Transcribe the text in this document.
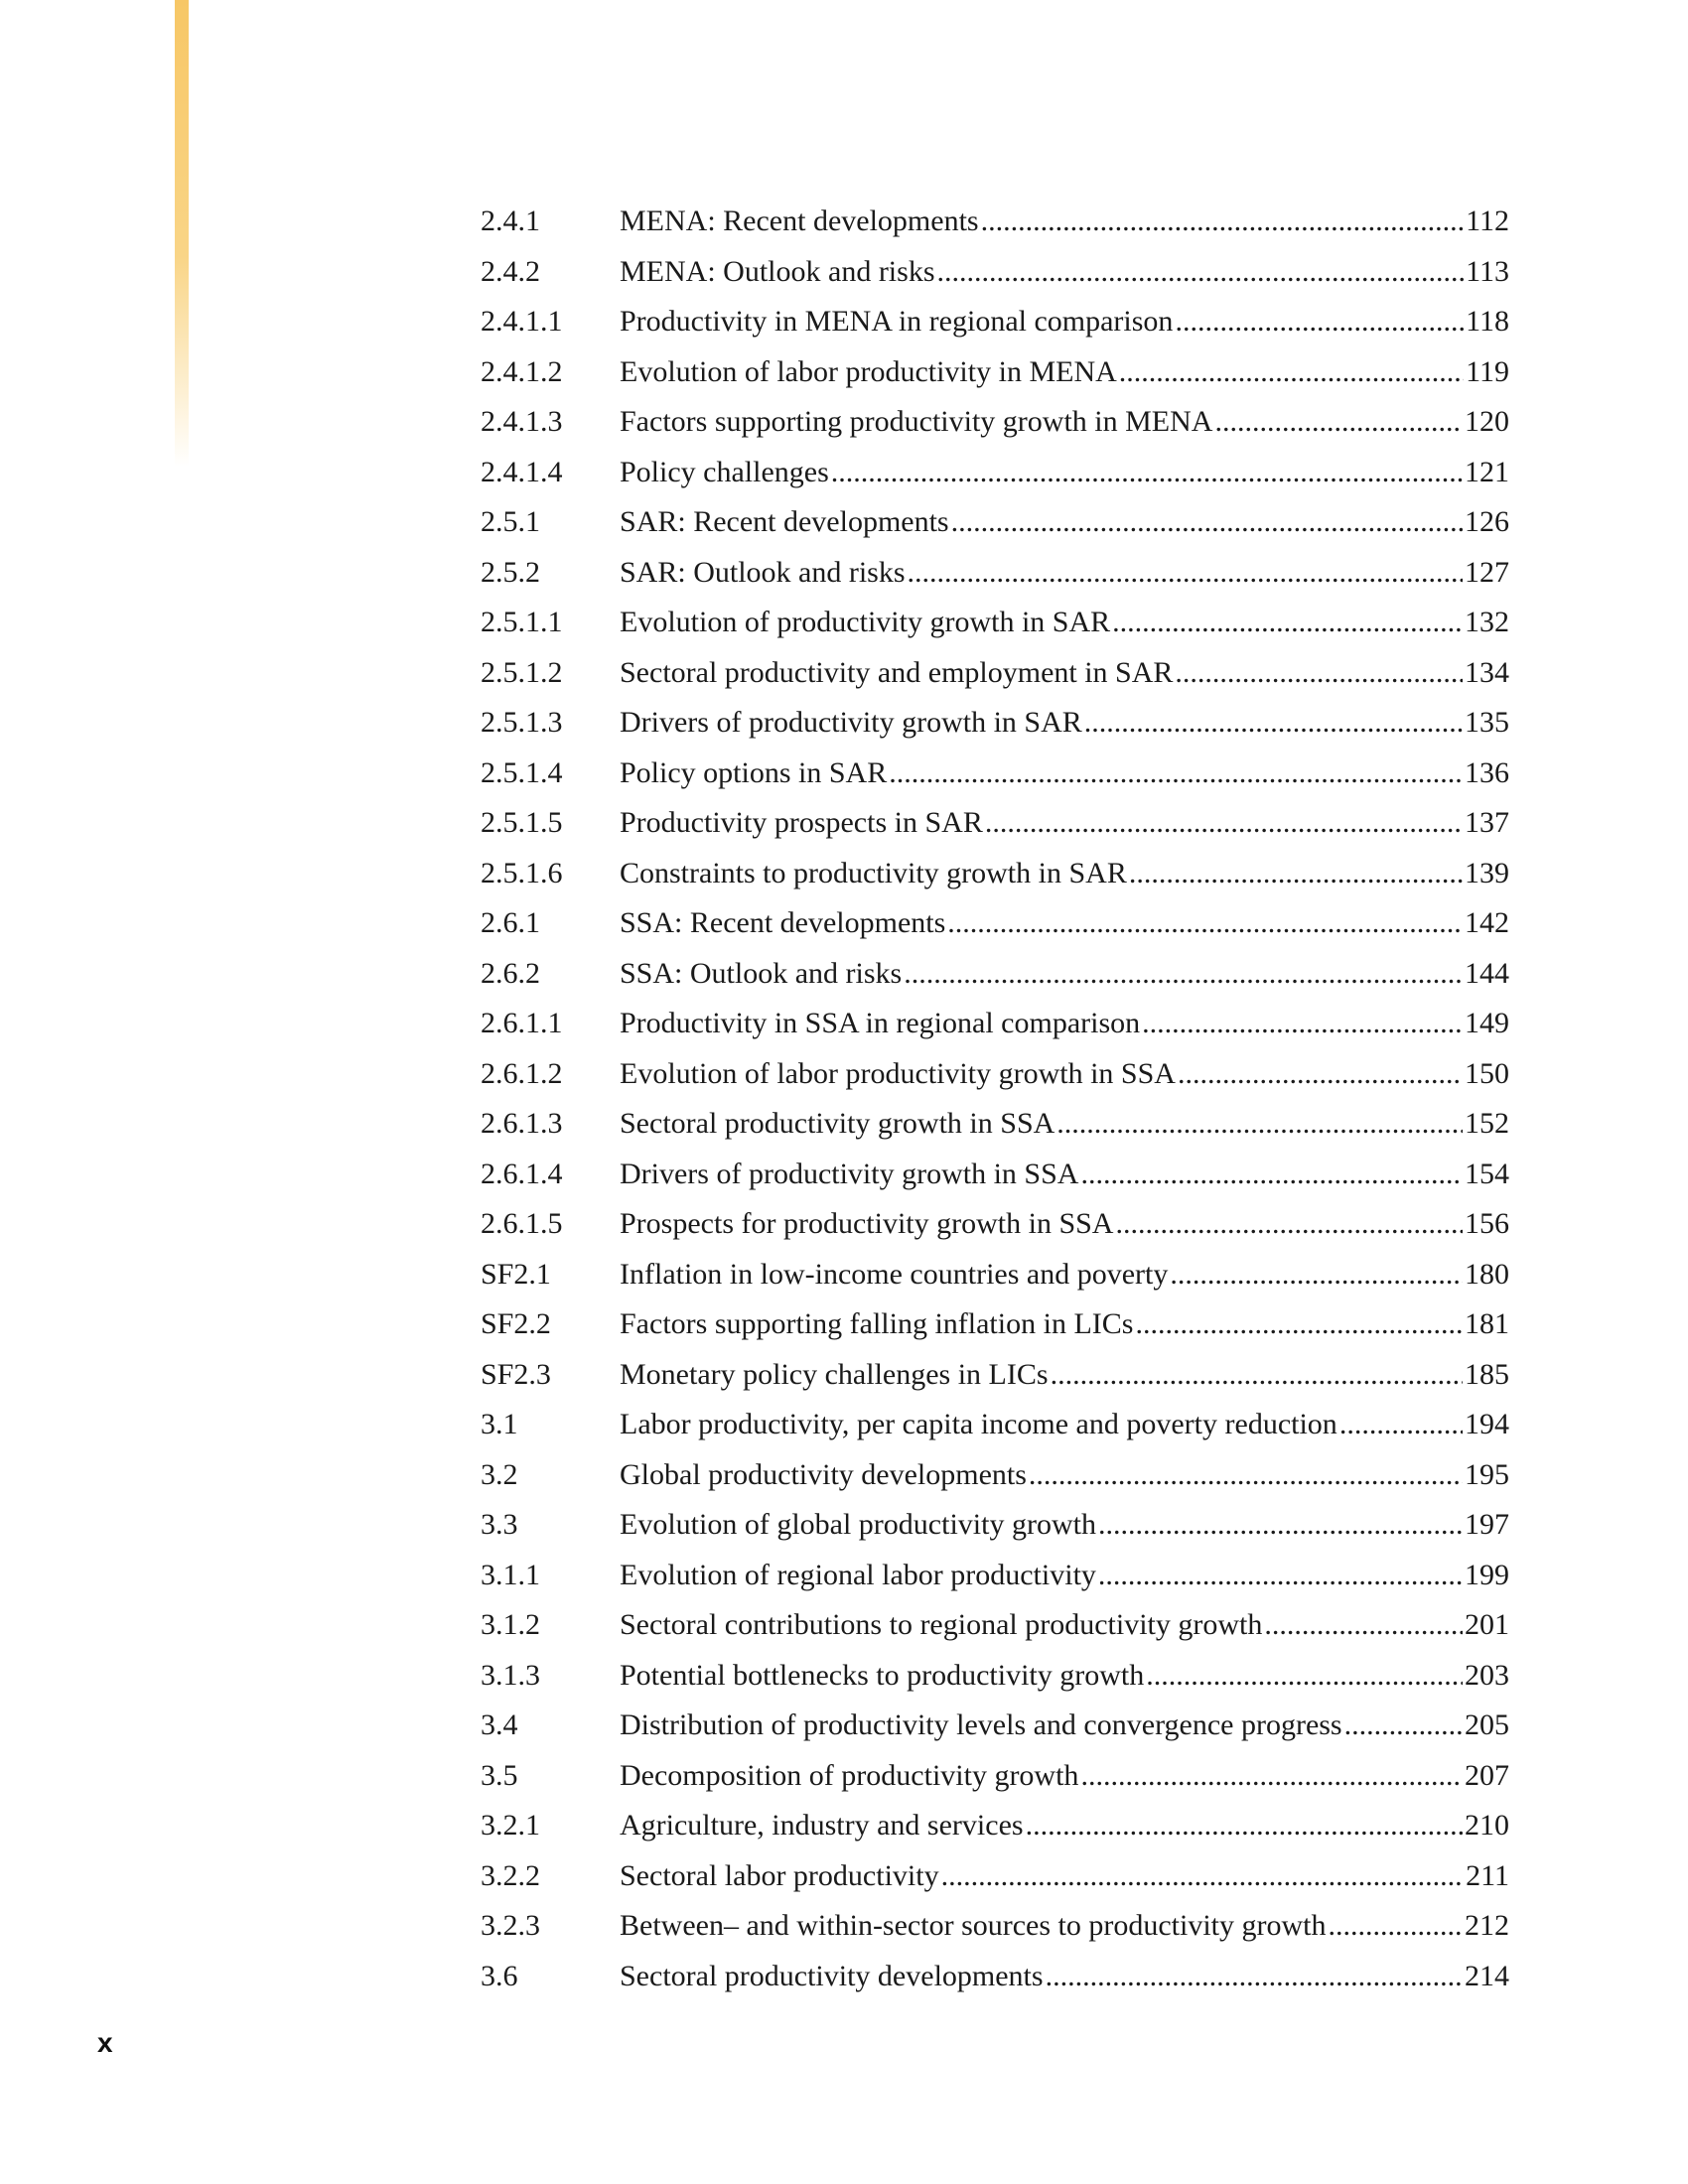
2.4.1	MENA: Recent developments .....	112
2.4.2	MENA: Outlook and risks .....	113
2.4.1.1	Productivity in MENA in regional comparison .....	118
2.4.1.2	Evolution of labor productivity in MENA .....	119
2.4.1.3	Factors supporting productivity growth in MENA .....	120
2.4.1.4	Policy challenges .....	121
2.5.1	SAR: Recent developments .....	126
2.5.2	SAR: Outlook and risks .....	127
2.5.1.1	Evolution of productivity growth in SAR .....	132
2.5.1.2	Sectoral productivity and employment in SAR .....	134
2.5.1.3	Drivers of productivity growth in SAR .....	135
2.5.1.4	Policy options in SAR .....	136
2.5.1.5	Productivity prospects in SAR .....	137
2.5.1.6	Constraints to productivity growth in SAR .....	139
2.6.1	SSA: Recent developments .....	142
2.6.2	SSA: Outlook and risks .....	144
2.6.1.1	Productivity in SSA in regional comparison .....	149
2.6.1.2	Evolution of labor productivity growth in SSA .....	150
2.6.1.3	Sectoral productivity growth in SSA .....	152
2.6.1.4	Drivers of productivity growth in SSA .....	154
2.6.1.5	Prospects for productivity growth in SSA .....	156
SF2.1	Inflation in low-income countries and poverty .....	180
SF2.2	Factors supporting falling inflation in LICs .....	181
SF2.3	Monetary policy challenges in LICs .....	185
3.1	Labor productivity, per capita income and poverty reduction .....	194
3.2	Global productivity developments .....	195
3.3	Evolution of global productivity growth .....	197
3.1.1	Evolution of regional labor productivity .....	199
3.1.2	Sectoral contributions to regional productivity growth .....	201
3.1.3	Potential bottlenecks to productivity growth .....	203
3.4	Distribution of productivity levels and convergence progress .....	205
3.5	Decomposition of productivity growth .....	207
3.2.1	Agriculture, industry and services .....	210
3.2.2	Sectoral labor productivity .....	211
3.2.3	Between– and within-sector sources to productivity growth .....	212
3.6	Sectoral productivity developments .....	214
x
